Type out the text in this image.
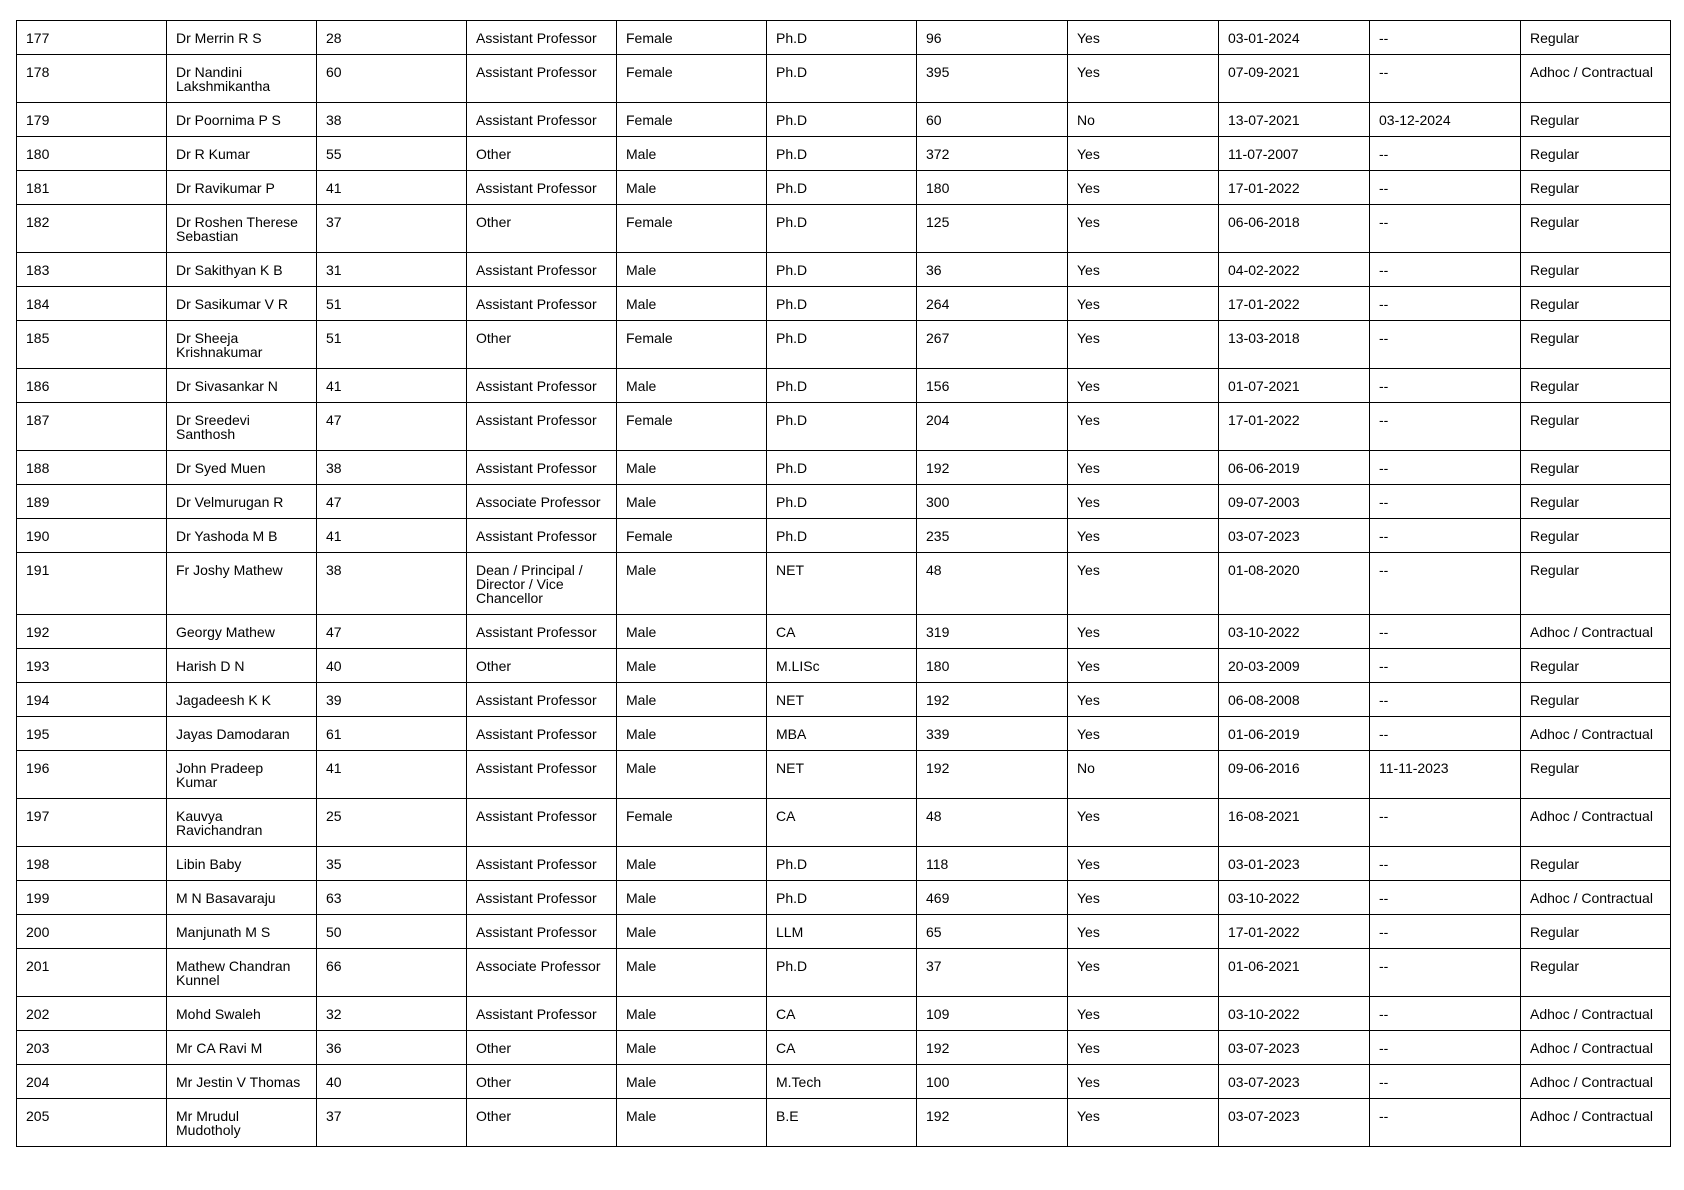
177	Dr Merrin R S	28	Assistant Professor	Female	Ph.D	96	Yes	03-01-2024	--	Regular
178	Dr Nandini Lakshmikantha	60	Assistant Professor	Female	Ph.D	395	Yes	07-09-2021	--	Adhoc / Contractual
179	Dr Poornima P S	38	Assistant Professor	Female	Ph.D	60	No	13-07-2021	03-12-2024	Regular
180	Dr R Kumar	55	Other	Male	Ph.D	372	Yes	11-07-2007	--	Regular
181	Dr Ravikumar P	41	Assistant Professor	Male	Ph.D	180	Yes	17-01-2022	--	Regular
182	Dr Roshen Therese Sebastian	37	Other	Female	Ph.D	125	Yes	06-06-2018	--	Regular
183	Dr Sakithyan K B	31	Assistant Professor	Male	Ph.D	36	Yes	04-02-2022	--	Regular
184	Dr Sasikumar V R	51	Assistant Professor	Male	Ph.D	264	Yes	17-01-2022	--	Regular
185	Dr Sheeja Krishnakumar	51	Other	Female	Ph.D	267	Yes	13-03-2018	--	Regular
186	Dr Sivasankar N	41	Assistant Professor	Male	Ph.D	156	Yes	01-07-2021	--	Regular
187	Dr Sreedevi Santhosh	47	Assistant Professor	Female	Ph.D	204	Yes	17-01-2022	--	Regular
188	Dr Syed Muen	38	Assistant Professor	Male	Ph.D	192	Yes	06-06-2019	--	Regular
189	Dr Velmurugan R	47	Associate Professor	Male	Ph.D	300	Yes	09-07-2003	--	Regular
190	Dr Yashoda M B	41	Assistant Professor	Female	Ph.D	235	Yes	03-07-2023	--	Regular
191	Fr Joshy Mathew	38	Dean / Principal / Director / Vice Chancellor	Male	NET	48	Yes	01-08-2020	--	Regular
192	Georgy Mathew	47	Assistant Professor	Male	CA	319	Yes	03-10-2022	--	Adhoc / Contractual
193	Harish D N	40	Other	Male	M.LISc	180	Yes	20-03-2009	--	Regular
194	Jagadeesh K K	39	Assistant Professor	Male	NET	192	Yes	06-08-2008	--	Regular
195	Jayas Damodaran	61	Assistant Professor	Male	MBA	339	Yes	01-06-2019	--	Adhoc / Contractual
196	John Pradeep Kumar	41	Assistant Professor	Male	NET	192	No	09-06-2016	11-11-2023	Regular
197	Kauvya Ravichandran	25	Assistant Professor	Female	CA	48	Yes	16-08-2021	--	Adhoc / Contractual
198	Libin Baby	35	Assistant Professor	Male	Ph.D	118	Yes	03-01-2023	--	Regular
199	M N Basavaraju	63	Assistant Professor	Male	Ph.D	469	Yes	03-10-2022	--	Adhoc / Contractual
200	Manjunath M S	50	Assistant Professor	Male	LLM	65	Yes	17-01-2022	--	Regular
201	Mathew Chandran Kunnel	66	Associate Professor	Male	Ph.D	37	Yes	01-06-2021	--	Regular
202	Mohd Swaleh	32	Assistant Professor	Male	CA	109	Yes	03-10-2022	--	Adhoc / Contractual
203	Mr CA Ravi M	36	Other	Male	CA	192	Yes	03-07-2023	--	Adhoc / Contractual
204	Mr Jestin V Thomas	40	Other	Male	M.Tech	100	Yes	03-07-2023	--	Adhoc / Contractual
205	Mr Mrudul Mudotholy	37	Other	Male	B.E	192	Yes	03-07-2023	--	Adhoc / Contractual
